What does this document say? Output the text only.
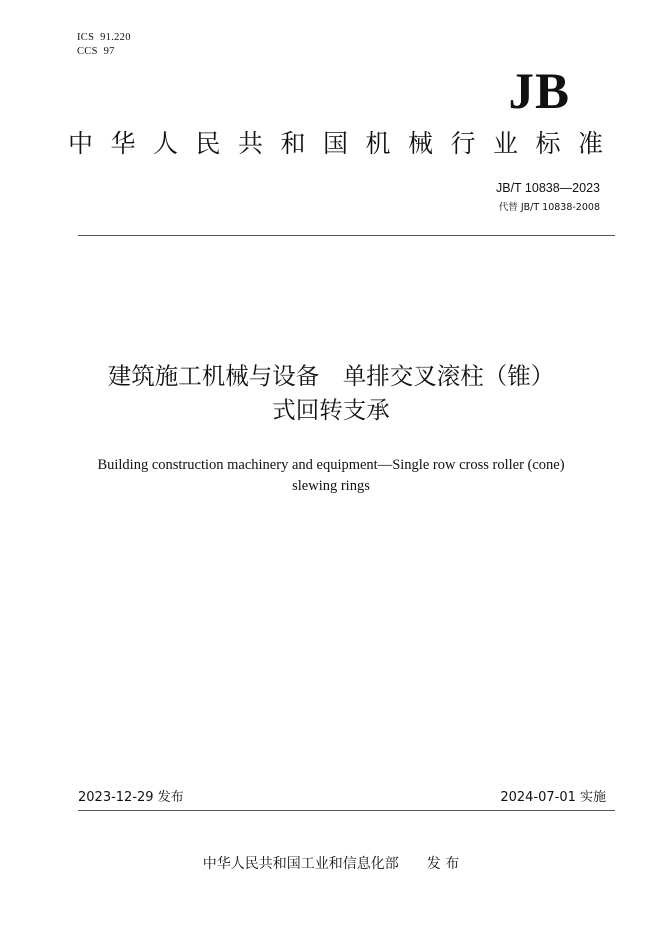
ICS  91.220
CCS  97
JB
中华人民共和国机械行业标准
JB/T 10838—2023
代替 JB/T 10838-2008
建筑施工机械与设备　单排交叉滚柱（锥）
式回转支承
Building construction machinery and equipment—Single row cross roller (cone)
slewing rings
2023-12-29 发布	2024-07-01 实施
中华人民共和国工业和信息化部　　发 布
